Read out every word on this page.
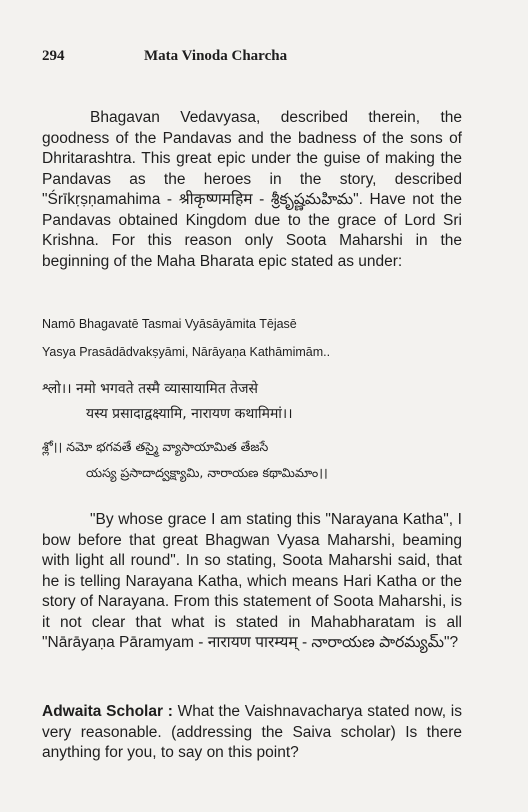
294	Mata Vinoda Charcha

Bhagavan Vedavyasa, described therein, the goodness of the Pandavas and the badness of the sons of Dhritarashtra. This great epic under the guise of making the Pandavas as the heroes in the story, described "Śrīkṛṣṇamahima - श्रीकृष्णमहिम - శ్రీకృష్ణమహిమ". Have not the Pandavas obtained Kingdom due to the grace of Lord Sri Krishna. For this reason only Soota Maharshi in the beginning of the Maha Bharata epic stated as under:

Namō Bhagavatē Tasmai Vyāsāyāmita Tējasē
Yasya Prasādādvakṣyāmi, Nārāyaṇa Kathāmimām..
श्लो।। नमो भगवते तस्मै व्यासायामित तेजसे
यस्य प्रसादाद्वक्ष्यामि, नारायण कथामिमां।।
శ్లో।। నమో భగవతే తస్మై వ్యాసాయామిత తేజసే
యస్య ప్రసాదాద్వక్ష్యామి, నారాయణ కథామిమాం।।

"By whose grace I am stating this "Narayana Katha", I bow before that great Bhagwan Vyasa Maharshi, beaming with light all round". In so stating, Soota Maharshi said, that he is telling Narayana Katha, which means Hari Katha or the story of Narayana. From this statement of Soota Maharshi, is it not clear that what is stated in Mahabharatam is all "Nārāyaṇa Pāramyam - नारायण पारम्यम् - నారాయణ పారమ్యమ్"?

Adwaita Scholar : What the Vaishnavacharya stated now, is very reasonable. (addressing the Saiva scholar) Is there anything for you, to say on this point?
